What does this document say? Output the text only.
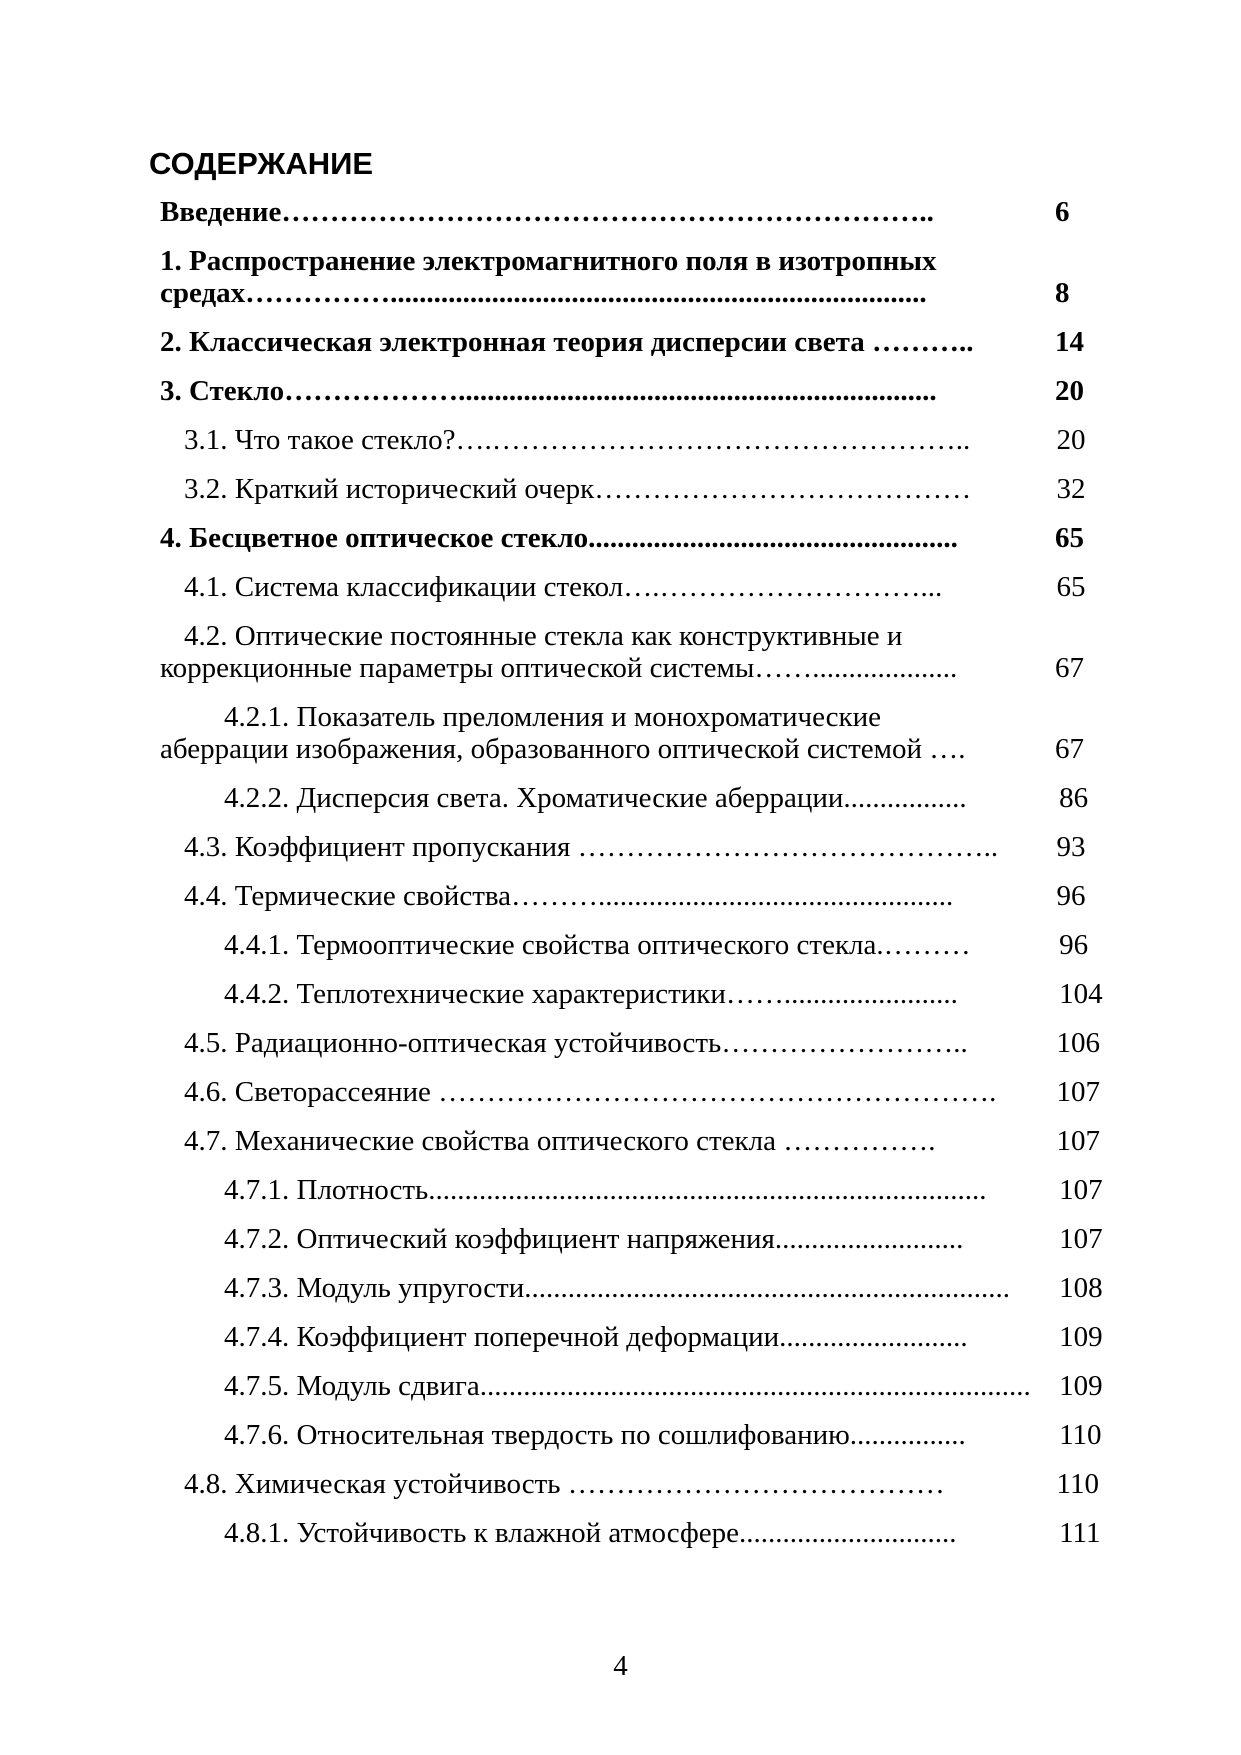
СОДЕРЖАНИЕ
Введение…………………………………………………………..	6
1. Распространение электромагнитного поля в изотропных
средах……………..........................................................................	8
2. Классическая электронная теория дисперсии света ………..	14
3. Стекло………………..................................................................	20
3.1. Что такое стекло?….…………………………………………..	20
3.2. Краткий исторический очерк…………………………………	32
4. Бесцветное оптическое стекло...................................................	65
4.1. Система классификации стекол….………………………...	65
4.2. Оптические постоянные стекла как конструктивные и
коррекционные параметры оптической системы……....................	67
4.2.1. Показатель преломления и монохроматические
аберрации изображения, образованного оптической системой ….	67
4.2.2. Дисперсия света. Хроматические аберрации.................	86
4.3. Коэффициент пропускания ……………………………………..	93
4.4. Термические свойства……….................................................	96
4.4.1. Термооптические свойства оптического стекла.………	96
4.4.2. Теплотехнические характеристики……........................	104
4.5. Радиационно-оптическая устойчивость……………………..	106
4.6. Светорассеяние ………………………………………………….	107
4.7. Механические свойства оптического стекла …………….	107
4.7.1. Плотность.............................................................................	107
4.7.2. Оптический коэффициент напряжения..........................	107
4.7.3. Модуль упругости...................................................................	108
4.7.4. Коэффициент поперечной деформации..........................	109
4.7.5. Модуль сдвига............................................................................ 109
4.7.6. Относительная твердость по сошлифованию................	110
4.8. Химическая устойчивость …………………………………	110
4.8.1. Устойчивость к влажной атмосфере..............................	111
4
